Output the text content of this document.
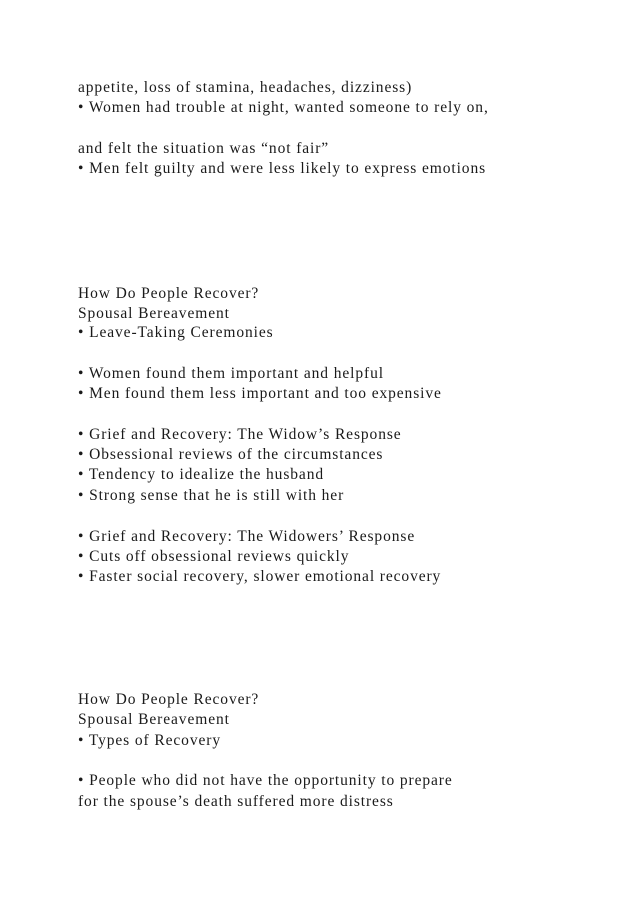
appetite, loss of stamina, headaches, dizziness)
• Women had trouble at night, wanted someone to rely on,
and felt the situation was “not fair”
• Men felt guilty and were less likely to express emotions
How Do People Recover?
Spousal Bereavement
• Leave-Taking Ceremonies
• Women found them important and helpful
• Men found them less important and too expensive
• Grief and Recovery: The Widow’s Response
• Obsessional reviews of the circumstances
• Tendency to idealize the husband
• Strong sense that he is still with her
• Grief and Recovery: The Widowers’ Response
• Cuts off obsessional reviews quickly
• Faster social recovery, slower emotional recovery
How Do People Recover?
Spousal Bereavement
• Types of Recovery
• People who did not have the opportunity to prepare
for the spouse’s death suffered more distress
